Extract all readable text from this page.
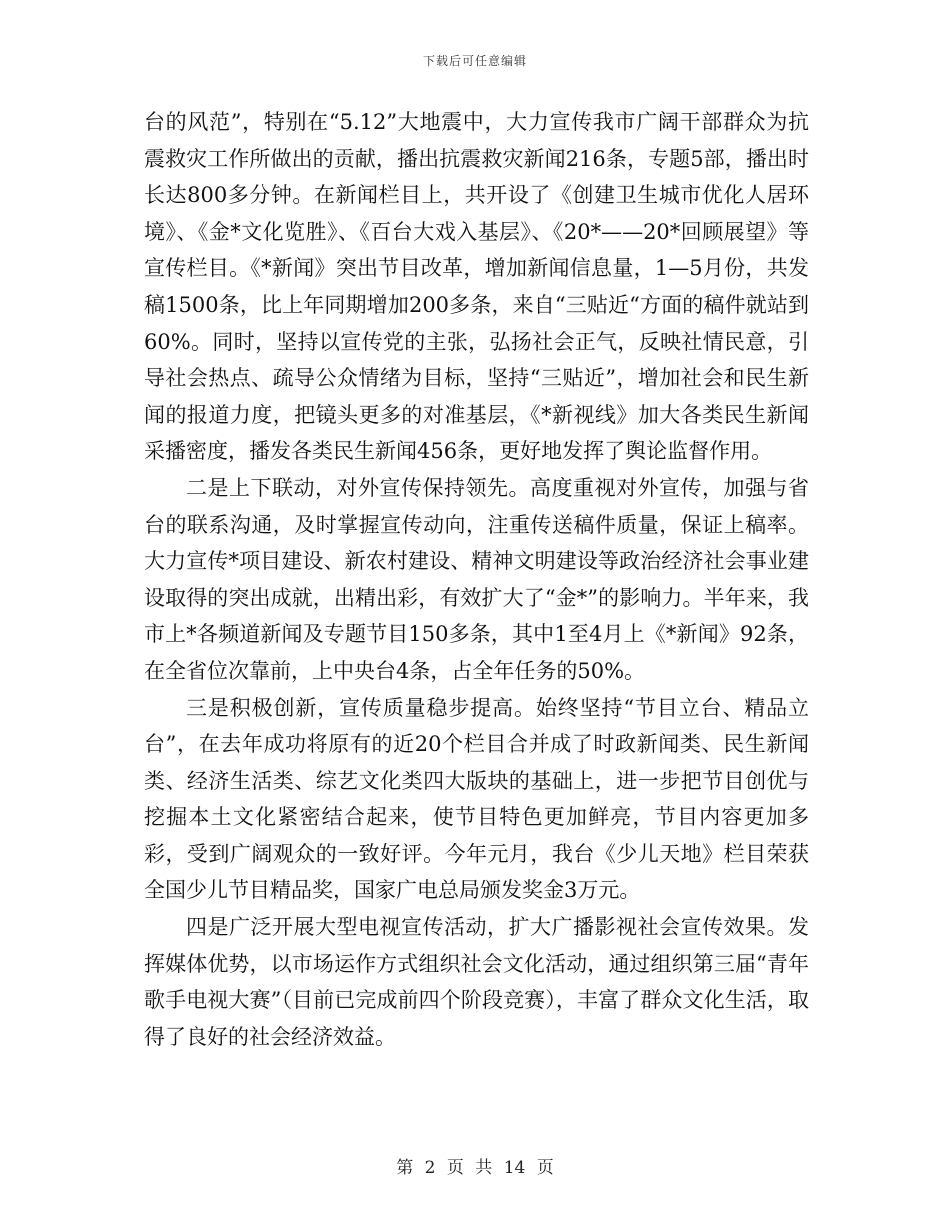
下载后可任意编辑

台的风范”，特别在“5.12”大地震中，大力宣传我市广阔干部群众为抗震救灾工作所做出的贡献，播出抗震救灾新闻216条，专题5部，播出时长达800多分钟。在新闻栏目上，共开设了《创建卫生城市优化人居环境》、《金*文化览胜》、《百台大戏入基层》、《20*——20*回顾展望》等宣传栏目。《*新闻》突出节目改革，增加新闻信息量，1—5月份，共发稿1500条，比上年同期增加200多条，来自“三贴近“方面的稿件就站到60%。同时，坚持以宣传党的主张，弘扬社会正气，反映社情民意，引导社会热点、疏导公众情绪为目标，坚持“三贴近”，增加社会和民生新闻的报道力度，把镜头更多的对准基层，《*新视线》加大各类民生新闻采播密度，播发各类民生新闻456条，更好地发挥了舆论监督作用。

二是上下联动，对外宣传保持领先。高度重视对外宣传，加强与省台的联系沟通，及时掌握宣传动向，注重传送稿件质量，保证上稿率。大力宣传*项目建设、新农村建设、精神文明建设等政治经济社会事业建设取得的突出成就，出精出彩，有效扩大了“金*”的影响力。半年来，我市上*各频道新闻及专题节目150多条，其中1至4月上《*新闻》92条，在全省位次靠前，上中央台4条，占全年任务的50%。

三是积极创新，宣传质量稳步提高。始终坚持“节目立台、精品立台”，在去年成功将原有的近20个栏目合并成了时政新闻类、民生新闻类、经济生活类、综艺文化类四大版块的基础上，进一步把节目创优与挖掘本土文化紧密结合起来，使节目特色更加鲜亮，节目内容更加多彩，受到广阔观众的一致好评。今年元月，我台《少儿天地》栏目荣获全国少儿节目精品奖，国家广电总局颁发奖金3万元。

四是广泛开展大型电视宣传活动，扩大广播影视社会宣传效果。发挥媒体优势，以市场运作方式组织社会文化活动，通过组织第三届“青年歌手电视大赛”（目前已完成前四个阶段竞赛），丰富了群众文化生活，取得了良好的社会经济效益。

第 2 页 共 14 页
